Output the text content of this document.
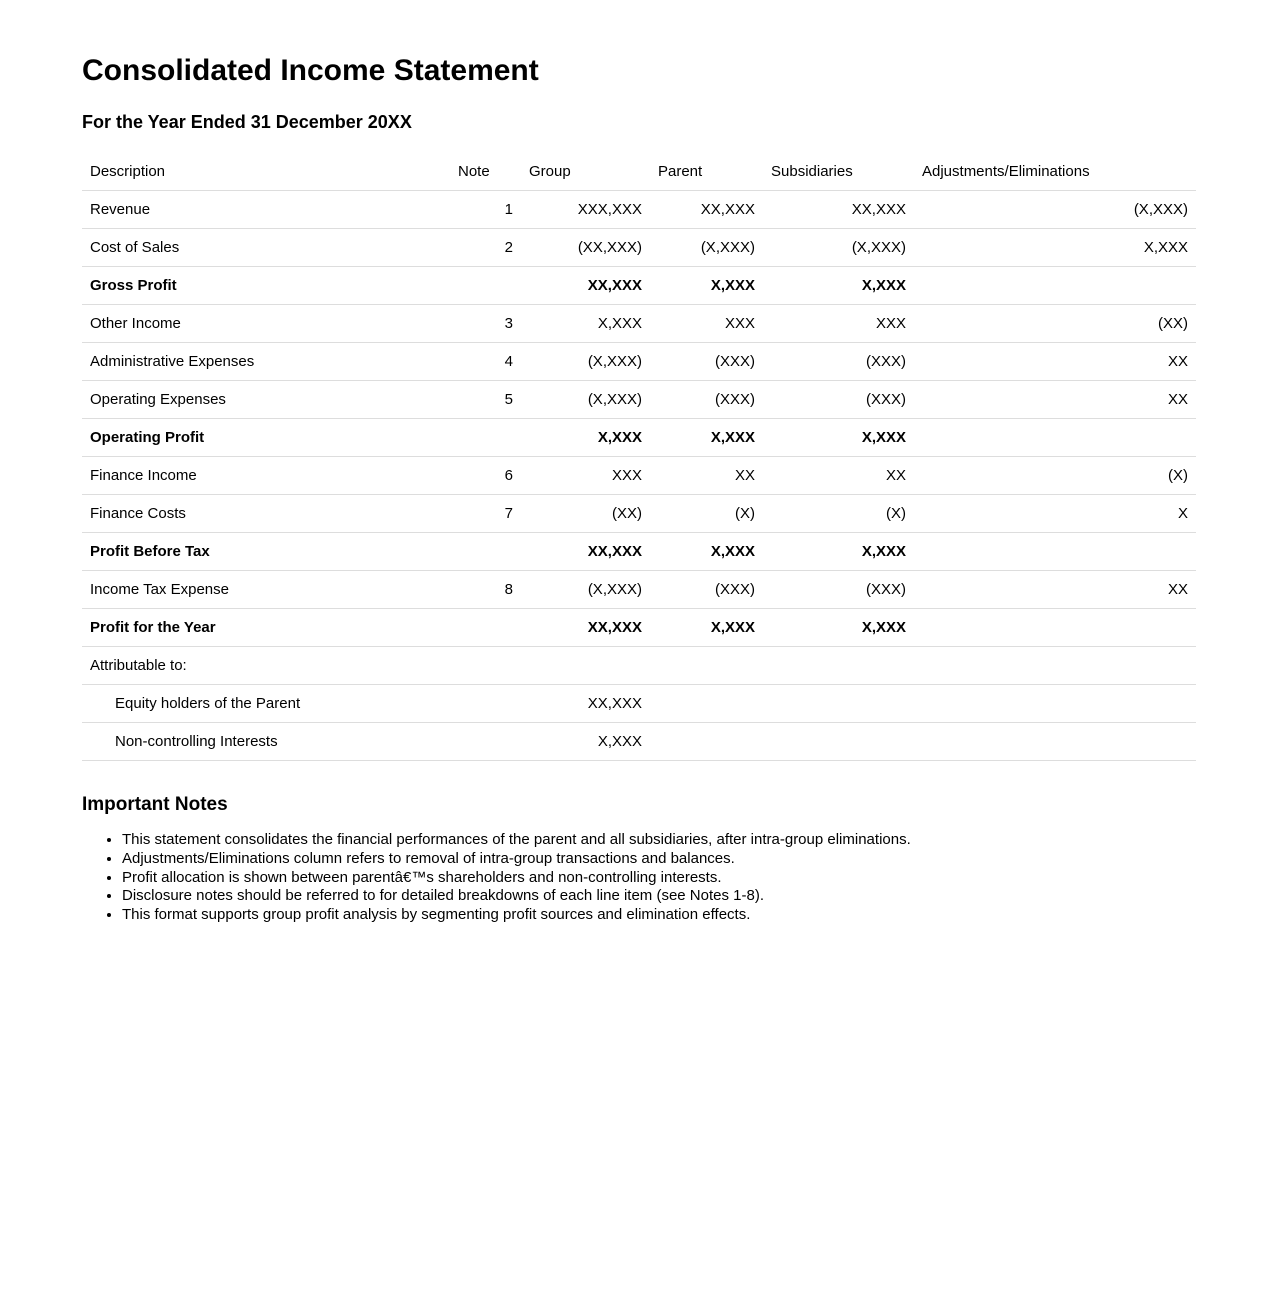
Consolidated Income Statement
For the Year Ended 31 December 20XX
Description	Note	Group	Parent	Subsidiaries	Adjustments/Eliminations
Revenue	1	XXX,XXX	XX,XXX	XX,XXX	(X,XXX)
Cost of Sales	2	(XX,XXX)	(X,XXX)	(X,XXX)	X,XXX
Gross Profit		XX,XXX	X,XXX	X,XXX	
Other Income	3	X,XXX	XXX	XXX	(XX)
Administrative Expenses	4	(X,XXX)	(XXX)	(XXX)	XX
Operating Expenses	5	(X,XXX)	(XXX)	(XXX)	XX
Operating Profit		X,XXX	X,XXX	X,XXX	
Finance Income	6	XXX	XX	XX	(X)
Finance Costs	7	(XX)	(X)	(X)	X
Profit Before Tax		XX,XXX	X,XXX	X,XXX	
Income Tax Expense	8	(X,XXX)	(XXX)	(XXX)	XX
Profit for the Year		XX,XXX	X,XXX	X,XXX	
Attributable to:					
Equity holders of the Parent		XX,XXX			
Non-controlling Interests		X,XXX			
Important Notes
• This statement consolidates the financial performances of the parent and all subsidiaries, after intra-group eliminations.
• Adjustments/Eliminations column refers to removal of intra-group transactions and balances.
• Profit allocation is shown between parentâ€™s shareholders and non-controlling interests.
• Disclosure notes should be referred to for detailed breakdowns of each line item (see Notes 1-8).
• This format supports group profit analysis by segmenting profit sources and elimination effects.
